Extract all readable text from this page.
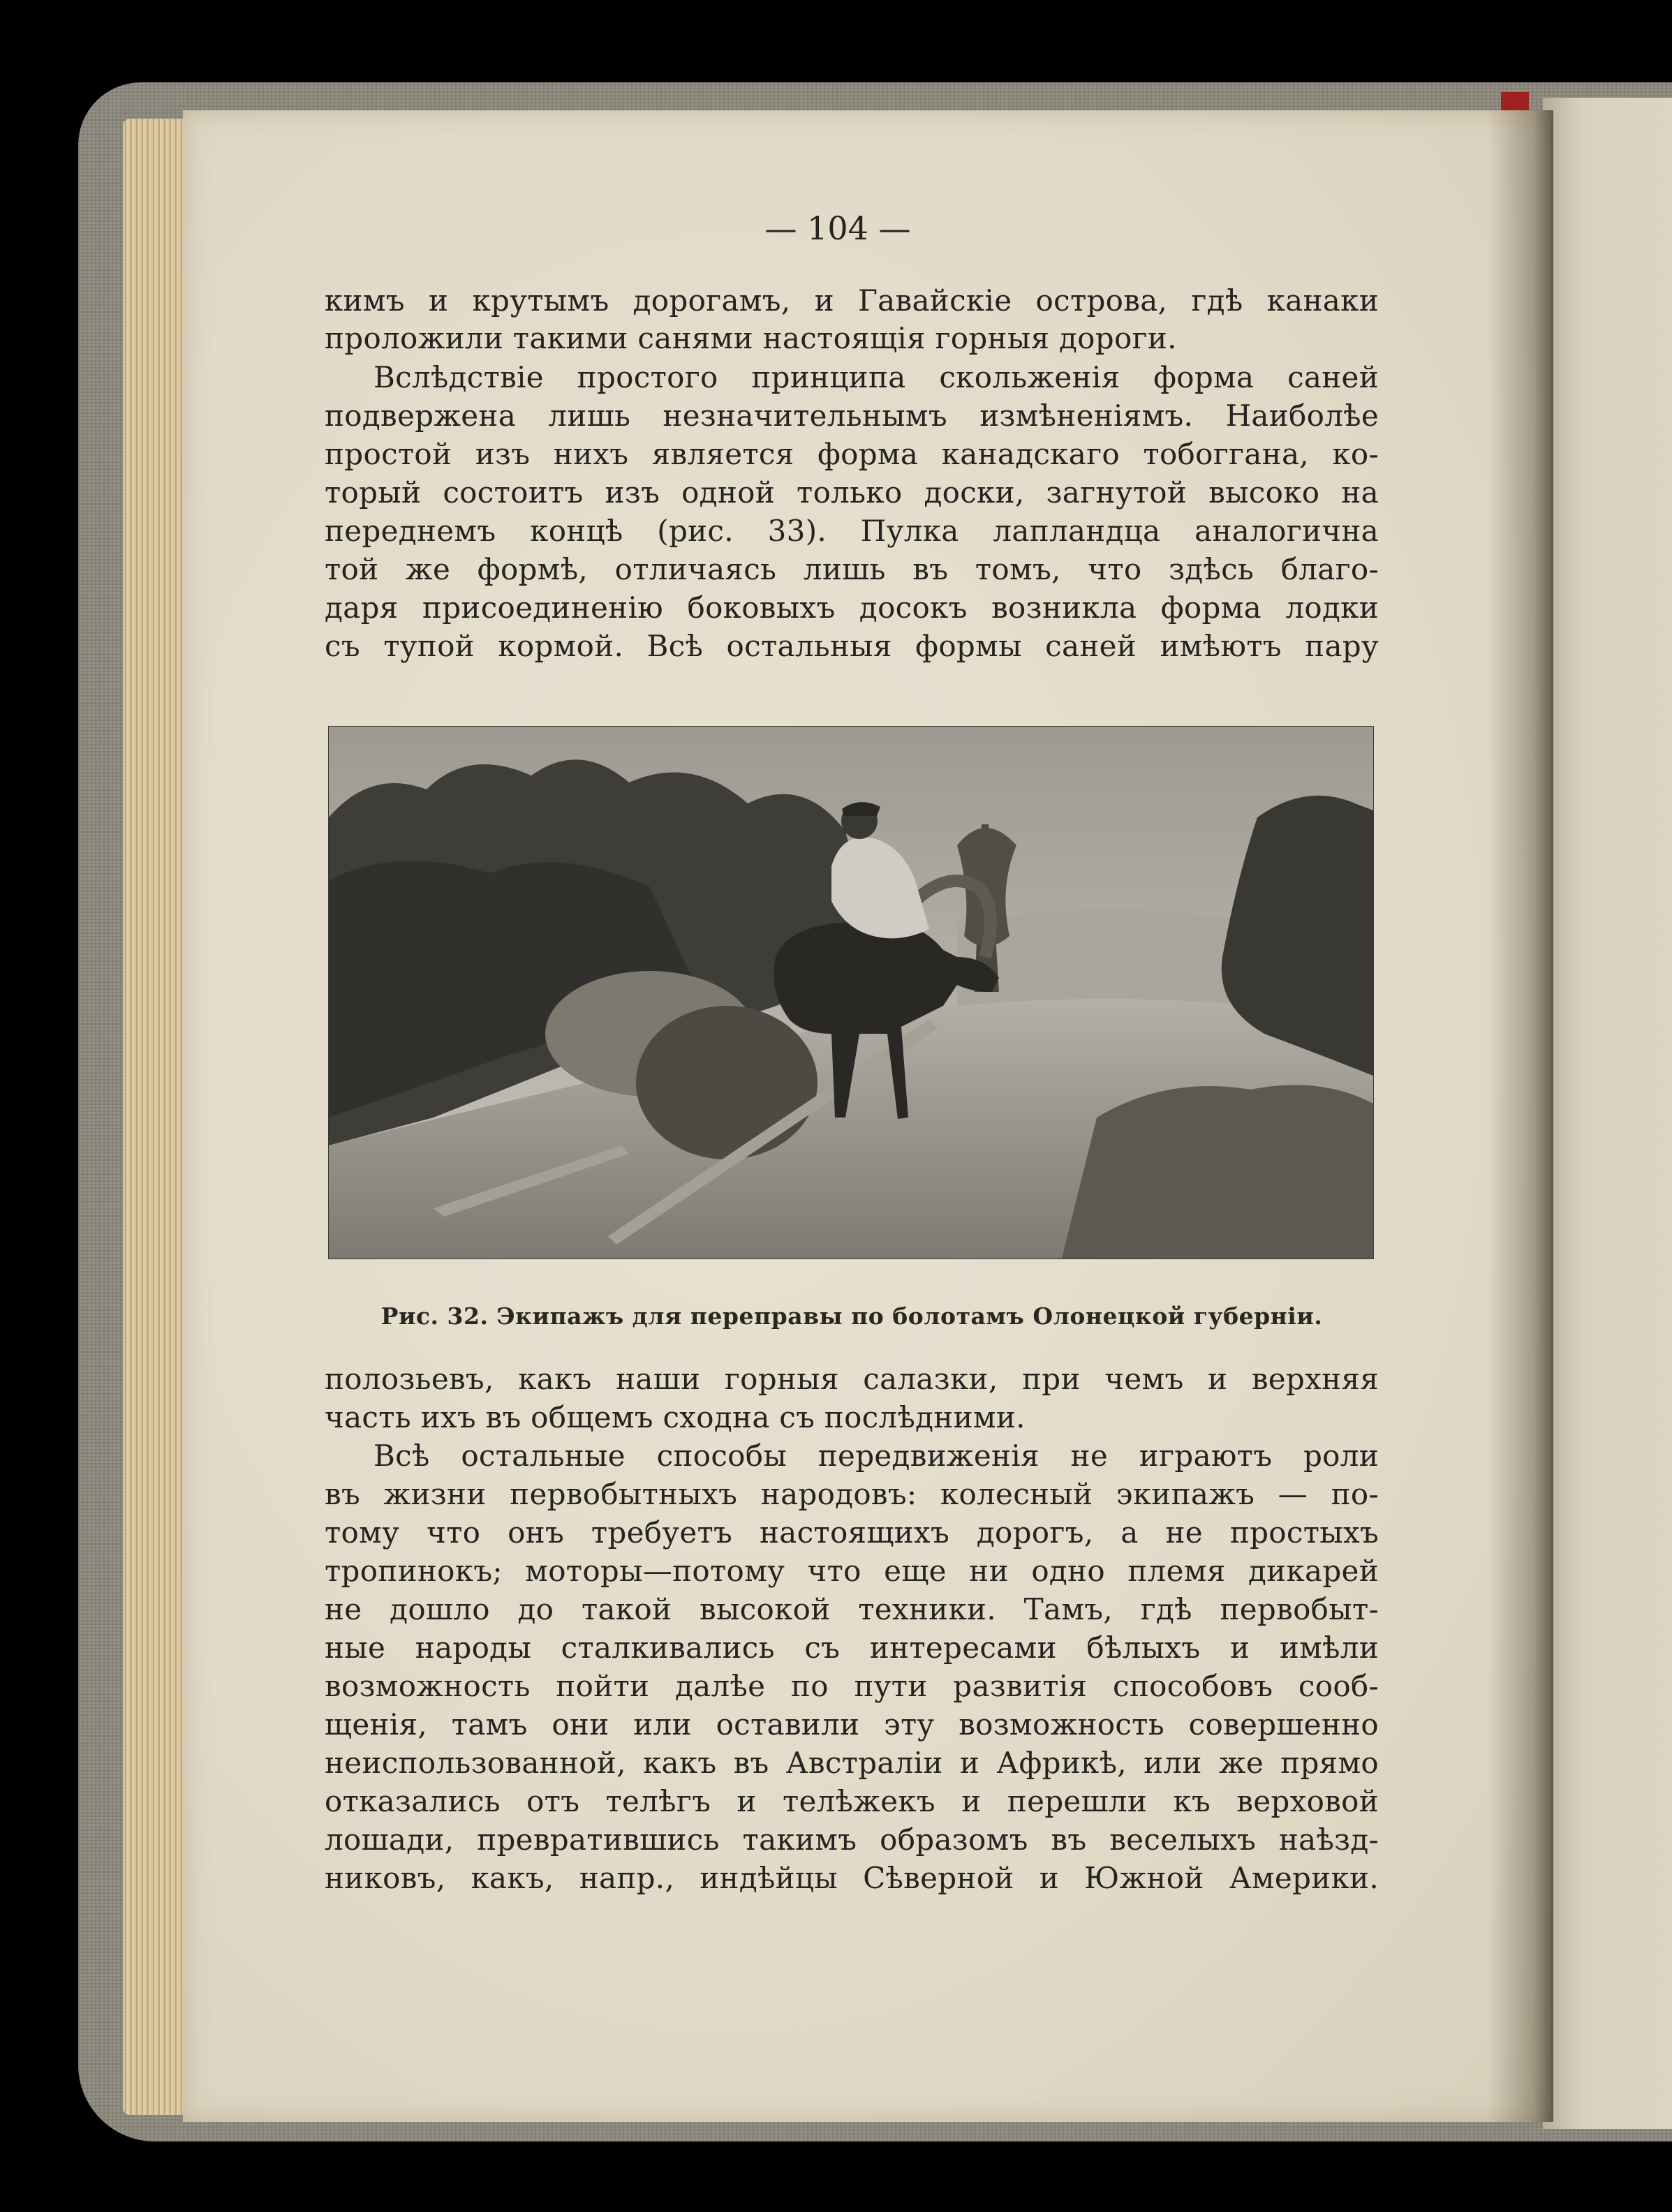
— 104 —
кимъ и крутымъ дорогамъ, и Гавайскіе острова, гдѣ канаки
проложили такими санями настоящія горныя дороги.
Вслѣдствіе простого принципа скольженія форма саней
подвержена лишь незначительнымъ измѣненіямъ. Наиболѣе
простой изъ нихъ является форма канадскаго тобоггана, ко-
торый состоитъ изъ одной только доски, загнутой высоко на
переднемъ концѣ (рис. 33). Пулка лапландца аналогична
той же формѣ, отличаясь лишь въ томъ, что здѣсь благо-
даря присоединенію боковыхъ досокъ возникла форма лодки
съ тупой кормой. Всѣ остальныя формы саней имѣютъ пару
Рис. 32. Экипажъ для переправы по болотамъ Олонецкой губерніи.
полозьевъ, какъ наши горныя салазки, при чемъ и верхняя
часть ихъ въ общемъ сходна съ послѣдними.
Всѣ остальные способы передвиженія не играютъ роли
въ жизни первобытныхъ народовъ: колесный экипажъ — по-
тому что онъ требуетъ настоящихъ дорогъ, а не простыхъ
тропинокъ; моторы—потому что еще ни одно племя дикарей
не дошло до такой высокой техники. Тамъ, гдѣ первобыт-
ные народы сталкивались съ интересами бѣлыхъ и имѣли
возможность пойти далѣе по пути развитія способовъ сооб-
щенія, тамъ они или оставили эту возможность совершенно
неиспользованной, какъ въ Австраліи и Африкѣ, или же прямо
отказались отъ телѣгъ и телѣжекъ и перешли къ верховой
лошади, превратившись такимъ образомъ въ веселыхъ наѣзд-
никовъ, какъ, напр., индѣйцы Сѣверной и Южной Америки.
